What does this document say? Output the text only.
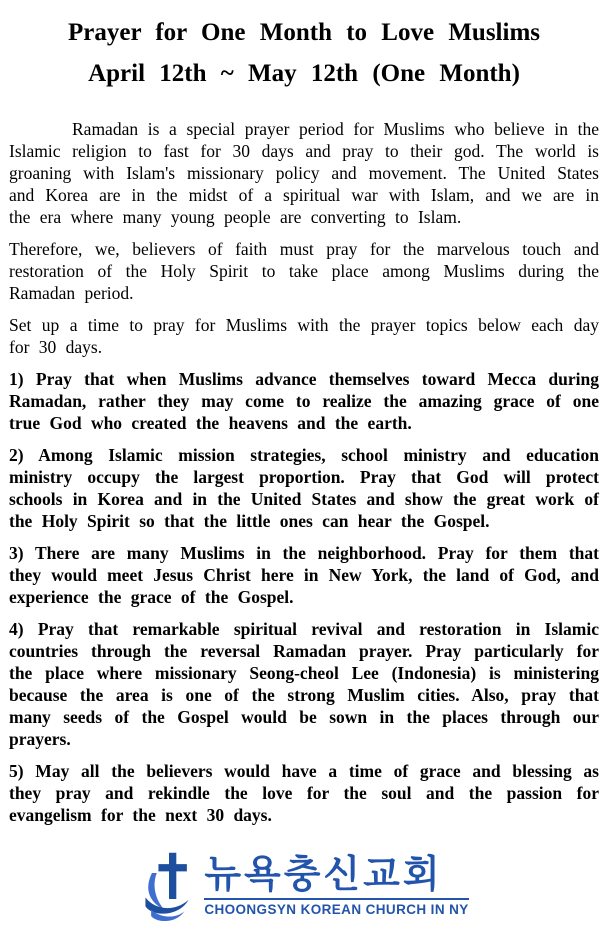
Prayer for One Month to Love Muslims
April 12th ~ May 12th (One Month)

Ramadan is a special prayer period for Muslims who believe in the Islamic religion to fast for 30 days and pray to their god. The world is groaning with Islam's missionary policy and movement. The United States and Korea are in the midst of a spiritual war with Islam, and we are in the era where many young people are converting to Islam.

Therefore, we, believers of faith must pray for the marvelous touch and restoration of the Holy Spirit to take place among Muslims during the Ramadan period.

Set up a time to pray for Muslims with the prayer topics below each day for 30 days.

1) Pray that when Muslims advance themselves toward Mecca during Ramadan, rather they may come to realize the amazing grace of one true God who created the heavens and the earth.

2) Among Islamic mission strategies, school ministry and education ministry occupy the largest proportion. Pray that God will protect schools in Korea and in the United States and show the great work of the Holy Spirit so that the little ones can hear the Gospel.

3) There are many Muslims in the neighborhood. Pray for them that they would meet Jesus Christ here in New York, the land of God, and experience the grace of the Gospel.

4) Pray that remarkable spiritual revival and restoration in Islamic countries through the reversal Ramadan prayer. Pray particularly for the place where missionary Seong-cheol Lee (Indonesia) is ministering because the area is one of the strong Muslim cities. Also, pray that many seeds of the Gospel would be sown in the places through our prayers.

5) May all the believers would have a time of grace and blessing as they pray and rekindle the love for the soul and the passion for evangelism for the next 30 days.

뉴욕충신교회
CHOONGSYN KOREAN CHURCH IN NY
